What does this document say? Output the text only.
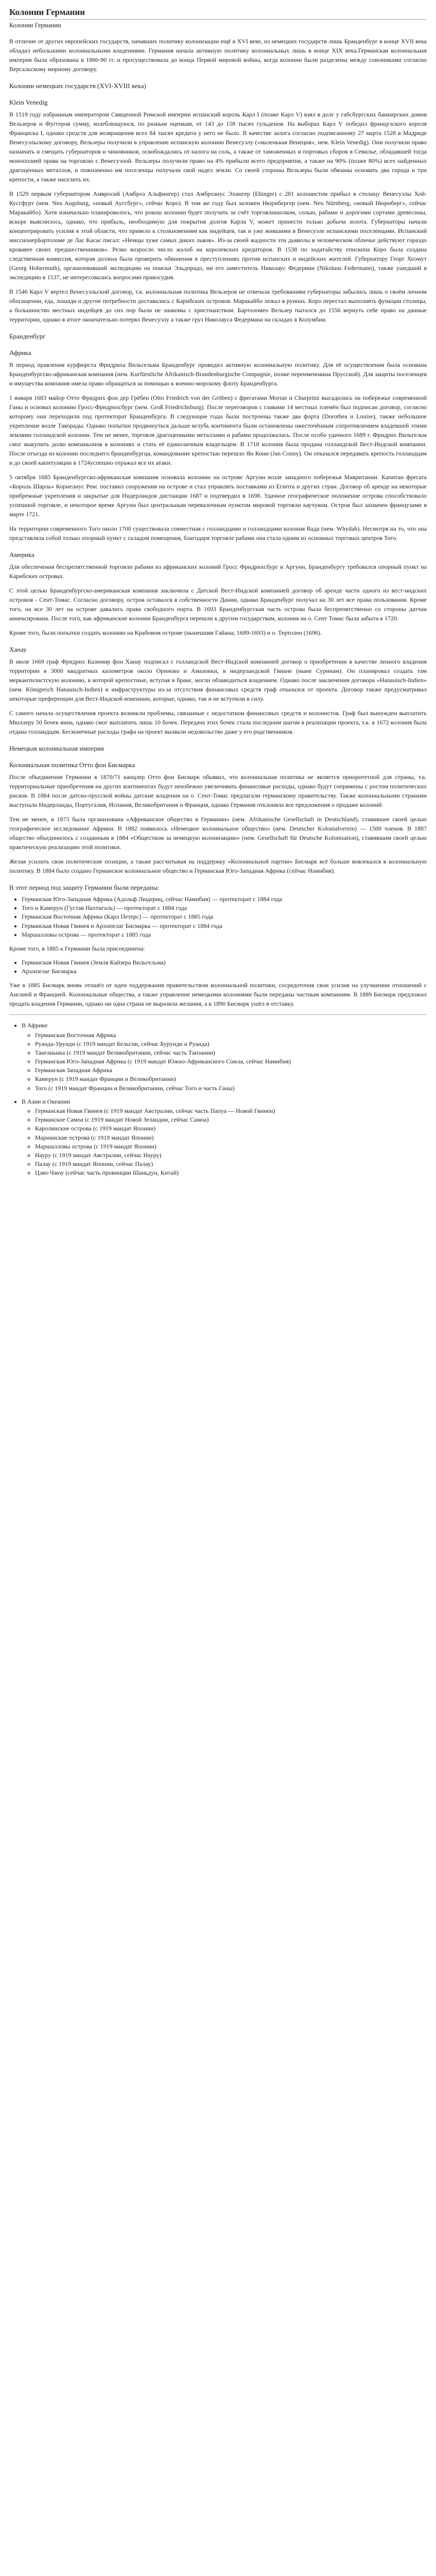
Колонии Германии
Колонии Германии

В отличие от других европейских государств, начавших политику колонизации ещё в XVI веке, из немецких государств лишь Бранденбург в конце XVII века обладал небольшими колониальными владениями. Германия начала активную политику колониальных лишь в конце XIX века.Германская колониальная империя была образована в 1880-90 гг. и просуществовала до конца Первой мировой войны, когда колонии были разделены между союзниками согласно Версальскому мирному договору.

Колонии немецких государств (XVI-XVIII века)
Klein Venedig

В 1519 году избранным императором Священной Римской империи испанский король Карл I (позже Карл V) взял в долг у габсбургских банкирских домов Вельзеров и Фуггеров сумму, колеблющуюся, по разным оценкам, от 143 до 158 тысяч гульденов. На выборах Карл V победил французского короля Франциска I, однако средств для возвращения всех 84 тысяч кредита у него не было. В качестве залога согласно подписанному 27 марта 1528 в Мадриде Венесуэльскому договору, Вельзеры получили в управление испанскую колонию Венесуэлу («маленькая Венеция», нем. Klein Venedig). Они получили право назначать и смещать губернаторов и чиновников, освобождались от налога на соль, а также от таможенных и портовых сборов в Севилье, обладавшей тогда монополией права на торговлю с Венесуэлой. Вельзеры получили право на 4% прибыли всего предприятия, а также на 90% (позже 80%) всех найденных драгоценных металлов, и пожизненно им поселенцы получали свой надел земли. Со своей стороны Вельзеры были обязаны основать два города и три крепости, а также населить их.

В 1529 первым губернатором Амвросий (Амброз Альфингер) стал Амброзиус Эхингер (Ehinger) с 281 колонистом прибыл в столицу Венесуэлы Хой-Кусгфурт (нем. Neu Augsburg, «новый Аугсбург», сейчас Коро). В том же году был заложен Нюрнбергер (нем. Neu Nürnberg, «новый Нюрнберг», сейчас Маракайбо). Хотя изначально планировалось, что рокош колонии будет получать за счёт торговлишолком, солью, рабами и дорогими сортами древесины, вскоре выяснилось, однако, что прибыль, необходимую для покрытия долгов Карла V, может принести только добыча золота. Губернаторы начали концентрировать усилия в этой области, что привело к столкновениям как индейцев, так и уже жившими в Венесуэле испанскими поселенцами. Испанский миссионерБартоломе де Лас Касас писал: «Немцы хуже самых диких львов». Из-за своей жадности эти дьяволы в человеческом обличье действуют гораздо кровавее своих предшественников». Резко возросло число жалоб на королевских кредиторов. В 1538 по ходатайству епископа Коро была создана следственная комиссия, которая должна была проверить обвинения в преступлениях против испанских и индейских жителей. Губернатору Георг Хоэмут (Georg Hohermuth), организовавший экспедицию на поиски Эльдорадо, ни его заместитель Николаус Федерман (Nikolaus Federmann), также ушедший в экспедицию в 1537, не интересовались вопросами правосудия.

В 1546 Карл V вертел Венесуэльский договор, т.к. колониальная политика Вельзеров не отвечала требованиям губернаторы забылись лишь о своём личном обогащении, еда, лошади и другие потребности доставались с Карибских островов. Маракайбо лежал в руинах. Коро перестал выполнять функции столицы, а большинство местных индейцев до сих пор были не знакомы с христианством. Бартоломео Вельзер пытался до 1556 вернуть себе право на данные территории, однако в итоге окончательно потерял Венесуэлу а также груз Николауса Федермана на складах в Колумбии.

Бранденбург
Африка

В период правления курфюрста Фридриха Вильгельма Бранденбург проводил активную колониальную политику. Для её осуществления была основана Бранденбургско-африканская компания (нем. Kurfürstliche Afrikanisch-Brandenburgische Compagnie, позже переименована Прусской). Для защиты поселенцев и имущества компания имела право обращаться за помощью к военно-морскому флоту Бранденбурга.

1 января 1683 майор Отто Фридрих фон дер Грёбен (Otto Friedrich von der Gröben) с фрегатами Моriаn и Churprinz высадились на побережье современной Ганы и основал колонию Гросс-Фридрихсбург (нем. Groß Friedrichsburg). После переговоров с главами 14 местных племён был подписан договор, согласно которому они переходили под протекторат Бранденбурга. В следующие годы были построены также два форта (Dorothea и Louise), также небольшое укрепление возле Такорады. Однако попытки продвинуться дальше вглубь континента были остановлены ожесточённым сопротивлением владевшей этими землями голландской колонии. Тем не менее, торговля драгоценными металлами и рабами продолжалась. После особо удачного 1689 г. Фридрих Вильгельм смог выкупить долю компаньонов в колониях и стать её единоличным владельцем. В 1718 колония была продана голландской Вест-Индской компании. После отъезда из колонии последнего бранденбургца, командование крепостью перешло Ян Кони (Jan Conny). Он отказался передавать крепость голландцам и до своей капитуляции в 1724успешно отражал все их атаки.

5 октября 1685 Бранденбургско-африканская компания основала колонию на острове Аргуин возле западного побережья Мавритании. Капитан фрегата «Король Шарль» Корнелиус Рекс поставил сооружения на острове и стал управлять поставками из Египта и других стран. Договор об аренде на некоторые прибрежные укрепления и закрытые для Нидерландов дистанции 1687 и подтвердил в 1698. Удачное географическое положение острова способствовало успешной торговле, и некоторое время Аргуин был центральным перевалочным пунктом мировой торговли каучуком. Остров был захвачен французами в марте 1721.

На территории современного Того около 1700 существовала совместная с голландцами и голландцами колония Вада (нем. Whydah). Несмотря на то, что она представляла собой только опорный пункт с складом помещения, благодаря торговле рабами она стала одним из основных торговых центров Того.

Америка

Для обеспечения беспрепятственной торговли рабами из африканских колоний Гросс Фридрихсбург и Аргуин, Бранденбургу требовался опорный пункт на Карибских островах.

С этой целью Бранденбургско-американская компания заключила с Датской Вест-Индской компанией договор об аренде части одного из вест-индских островов - Сент-Томас. Согласно договору, остров оставался в собственности Дании, однако Бранденбург получал на 30 лет все права пользования. Кроме того, на все 30 лет на острове давались права свободного порта. В 1693 Бранденбургская часть острова была беспрепятственно со стороны датчан аннексирована. После того, как африканские колонии Бранденбурга перешли к другим государствам, колония на о. Сент Томас была забыта в 1720.

Кроме того, были попытки создать колонию на Крабовом острове (нынешняя Гайана; 1689-1693) и о. Тертолен (1696).

Ханау

В июле 1669 граф Фридрих Казимир фон Ханау подписал с голландской Вест-Индской компанией договор о приобретении в качестве ленного владения территории в 3000 квадратных километров около Ориноко и Амазонки, в нидерландской Гвиане (ныне Суринам). Он планировал создать там меркантилистскую колонию, в которой крепостные, вступая в браке, могли обзаводиться владением. Однако после заключения договора «Hanauisch-Indien» (нем. Königreich Hanauisch-Indien) и инфраструктуры из-за отсутствия финансовых средств граф отказался от проекта. Договор также предусматривал некоторые преференции для Вест-Индской компании, которые, однако, так и не вступили в силу.

С самого начала осуществления проекта возникли проблемы, связанные с недостатком финансовых средств и колонистов. Граф был вынужден выплатить Мюллеру 50 бочек вина, однако смог выплатить лишь 10 бочек. Передача этих бочек стала последним шагом в реализации проекта, т.к. в 1672 колония была отдана голландцам. Бесконечные расходы графа на проект вызвали недовольство даже у его родственников.

Немецкая колониальная империя
Колониальная политика Отто фон Бисмарка

После объединения Германии в 1870/71 канцлер Отто фон Бисмарк объявил, что колониальная политика не является приоритетной для страны, т.к. территориальные приобретения на других континентах будут неизбежно увеличивать финансовые расходы, однако будут сопряжены с ростом политических рисков. В 1884 после датско-прусской войны датские владения на о. Сент-Томас предлагали германскому правительству. Также колониальными странами выступали Нидерланды, Португалия, Испания, Великобритания и Франция, однако Германия отклоняла все предложения о продаже колоний.

Тем не менее, в 1873 была организована «Африканское общество в Германии» (нем. Afrikanische Gesellschaft in Deutschland), ставившее своей целью географическое исследование Африки. В 1882 появилось «Немецкое колониальное общество» (нем. Deutscher Kolonialverein) — 1500 членов. В 1887 общество объединилось с созданным в 1884 «Обществом за немецкую колонизацию» (нем. Gesellschaft für Deutsche Kolonisation), ставившим своей целью практическую реализацию этой политики.

Желая усилить свои политические позиции, а также рассчитывая на поддержку «Колониальной партии» Бисмарк всё больше вовлекался в колониальную политику. В 1884 было создано Германское колониальное общество и Германская Юго-Западная Африка (сейчас Намибия).

В этот период под защиту Германии были переданы:
• Германская Юго-Западная Африка (Адольф Людериц, сейчас Намибия) — протекторат с 1884 года
• Того и Камерун (Густав Нахтигаль) — протекторат с 1884 года
• Германская Восточная Африка (Карл Петерс) — протекторат с 1885 года
• Германская Новая Гвинея и Архипелаг Бисмарка — протекторат с 1884 года
• Маршалловы острова — протекторат с 1885 года

Кроме того, в 1885 к Германии была присоединена:

• Германская Новая Гвинея (Земля Кайзера Вильгельма)
• Архипелаг Бисмарка

Уже в 1885 Бисмарк вновь отошёл от идеи поддержания правительством колониальной политики, сосредоточив свои усилия на улучшении отношений с Англией и Францией. Колониальные общества, а также управление немецкими колониями были переданы частным компаниям. В 1889 Бисмарк предложил продать владения Германии, однако ни одна страна не выразила желания, а в 1890 Бисмарк ушёл в отставку.

• В Африке
◦ Германская Восточная Африка
◦ Руанда-Урунди (с 1919 мандат Бельгии, сейчас Бурунди и Руанда)
◦ Танганьика (с 1919 мандат Великобритании, сейчас часть Танзании)
◦ Германская Юго-Западная Африка (с 1919 мандат Южно-Африканского Союза, сейчас Намибия)
◦ Германская Западная Африка
◦ Камерун (с 1919 мандат Франции и Великобритании)
◦ Того (с 1919 мандат Франции и Великобритании, сейчас Того и часть Ганы)
• В Азии и Океании
◦ Германская Новая Гвинея (с 1919 мандат Австралии, сейчас часть Папуа — Новой Гвинеи)
◦ Германское Самоа (с 1919 мандат Новой Зеландии, сейчас Самоа)
◦ Каролинские острова (с 1919 мандат Японии)
◦ Марианские острова (с 1919 мандат Японии)
◦ Маршалловы острова (с 1919 мандат Японии)
◦ Науру (с 1919 мандат Австралии, сейчас Науру)
◦ Палау (с 1919 мандат Японии, сейчас Палау)
◦ Цзяо-Чжоу (сейчас часть провинции Шаньдун, Китай)
